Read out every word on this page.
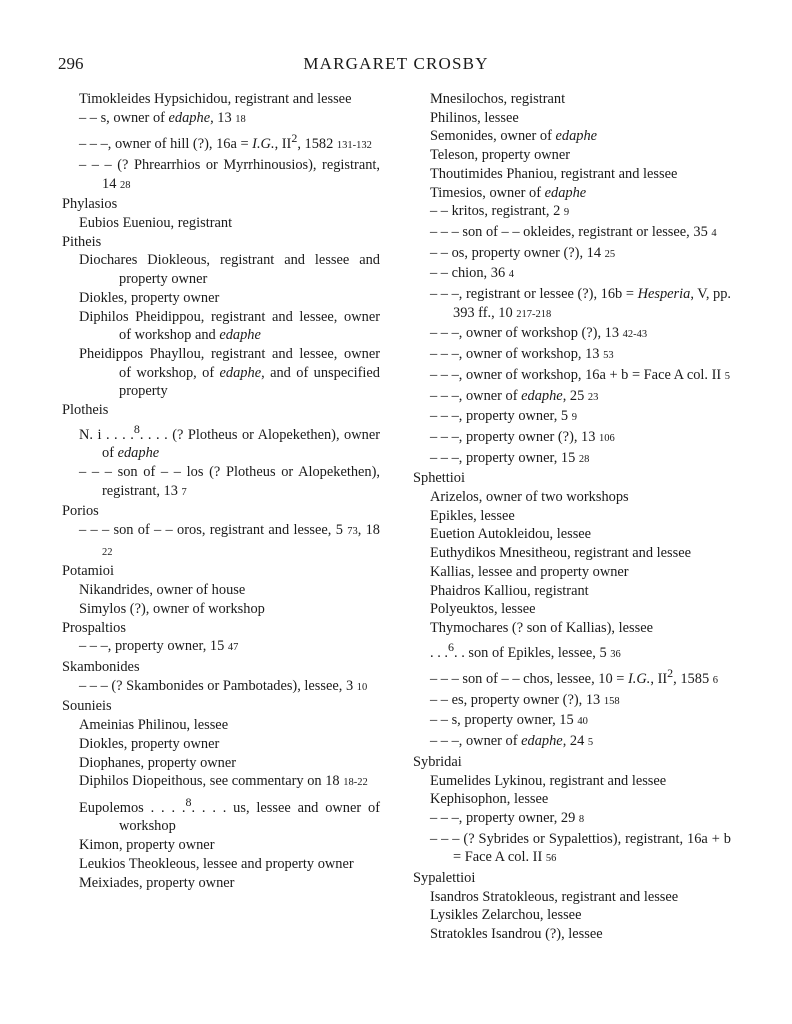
296	MARGARET CROSBY
Timokleides Hypsichidou, registrant and lessee
– – s, owner of edaphe, 13 18
– – –, owner of hill (?), 16a = I.G., $II^2$, 1582 131-132
– – – (? Phrearrhios or Myrrhinousios), registrant, 14 28
Phylasios
Eubios Eueniou, registrant
Pitheis
Diochares Diokleous, registrant and lessee and property owner
Diokles, property owner
Diphilos Pheidippou, registrant and lessee, owner of workshop and edaphe
Pheidippos Phayllou, registrant and lessee, owner of workshop, of edaphe, and of unspecified property
Plotheis
N. i . . . .$^8$. . . . (? Plotheus or Alopekethen), owner of edaphe
– – – son of – – los (? Plotheus or Alopekethen), registrant, 13 7
Porios
– – – son of – – oros, registrant and lessee, 5 73, 18 22
Potamioi
Nikandrides, owner of house
Simylos (?), owner of workshop
Prospaltios
– – –, property owner, 15 47
Skambonides
– – – (? Skambonides or Pambotades), lessee, 3 10
Sounieis
Ameinias Philinou, lessee
Diokles, property owner
Diophanes, property owner
Diphilos Diopeithous, see commentary on 18 18-22
Eupolemos . . . .$^8$. . . . us, lessee and owner of workshop
Kimon, property owner
Leukios Theokleous, lessee and property owner
Meixiades, property owner
Mnesilochos, registrant
Philinos, lessee
Semonides, owner of edaphe
Teleson, property owner
Thoutimides Phaniou, registrant and lessee
Timesios, owner of edaphe
– – kritos, registrant, 2 9
– – – son of – – okleides, registrant or lessee, 35 4
– – os, property owner (?), 14 25
– – chion, 36 4
– – –, registrant or lessee (?), 16b = Hesperia, V, pp. 393 ff., 10 217-218
– – –, owner of workshop (?), 13 42-43
– – –, owner of workshop, 13 53
– – –, owner of workshop, 16a + b = Face A col. II 5
– – –, owner of edaphe, 25 23
– – –, property owner, 5 9
– – –, property owner (?), 13 106
– – –, property owner, 15 28
Sphettioi
Arizelos, owner of two workshops
Epikles, lessee
Euetion Autokleidou, lessee
Euthydikos Mnesitheou, registrant and lessee
Kallias, lessee and property owner
Phaidros Kalliou, registrant
Polyeuktos, lessee
Thymochares (? son of Kallias), lessee
. . .$^6$. . son of Epikles, lessee, 5 36
– – – son of – – chos, lessee, 10 = I.G., $II^2$, 1585 6
– – es, property owner (?), 13 158
– – s, property owner, 15 40
– – –, owner of edaphe, 24 5
Sybridai
Eumelides Lykinou, registrant and lessee
Kephisophon, lessee
– – –, property owner, 29 8
– – – (? Sybrides or Sypalettios), registrant, 16a + b = Face A col. II 56
Sypalettioi
Isandros Stratokleous, registrant and lessee
Lysikles Zelarchou, lessee
Stratokles Isandrou (?), lessee
